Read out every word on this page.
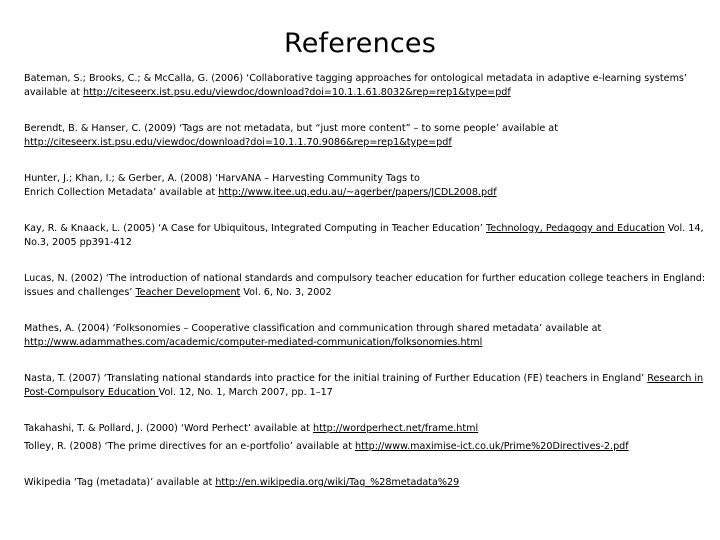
References

Bateman, S.; Brooks, C.; & McCalla, G. (2006) ‘Collaborative tagging approaches for ontological metadata in adaptive e-learning systems’
available at http://citeseerx.ist.psu.edu/viewdoc/download?doi=10.1.1.61.8032&rep=rep1&type=pdf

Berendt, B. & Hanser, C. (2009) ‘Tags are not metadata, but “just more content” – to some people’ available at
http://citeseerx.ist.psu.edu/viewdoc/download?doi=10.1.1.70.9086&rep=rep1&type=pdf

Hunter, J.; Khan, I.; & Gerber, A. (2008) ‘HarvANA – Harvesting Community Tags to
Enrich Collection Metadata’ available at http://www.itee.uq.edu.au/~agerber/papers/JCDL2008.pdf

Kay, R. & Knaack, L. (2005) ‘A Case for Ubiquitous, Integrated Computing in Teacher Education’ Technology, Pedagogy and Education Vol. 14,
No.3, 2005 pp391-412

Lucas, N. (2002) ‘The introduction of national standards and compulsory teacher education for further education college teachers in England:
issues and challenges’ Teacher Development Vol. 6, No. 3, 2002

Mathes, A. (2004) ‘Folksonomies – Cooperative classification and communication through shared metadata’ available at
http://www.adammathes.com/academic/computer-mediated-communication/folksonomies.html

Nasta, T. (2007) ‘Translating national standards into practice for the initial training of Further Education (FE) teachers in England’ Research in
Post-Compulsory Education Vol. 12, No. 1, March 2007, pp. 1–17

Takahashi, T. & Pollard, J. (2000) ‘Word Perhect’ available at http://wordperhect.net/frame.html

Tolley, R. (2008) ‘The prime directives for an e-portfolio’ available at http://www.maximise-ict.co.uk/Prime%20Directives-2.pdf

Wikipedia ‘Tag (metadata)’ available at http://en.wikipedia.org/wiki/Tag_%28metadata%29
